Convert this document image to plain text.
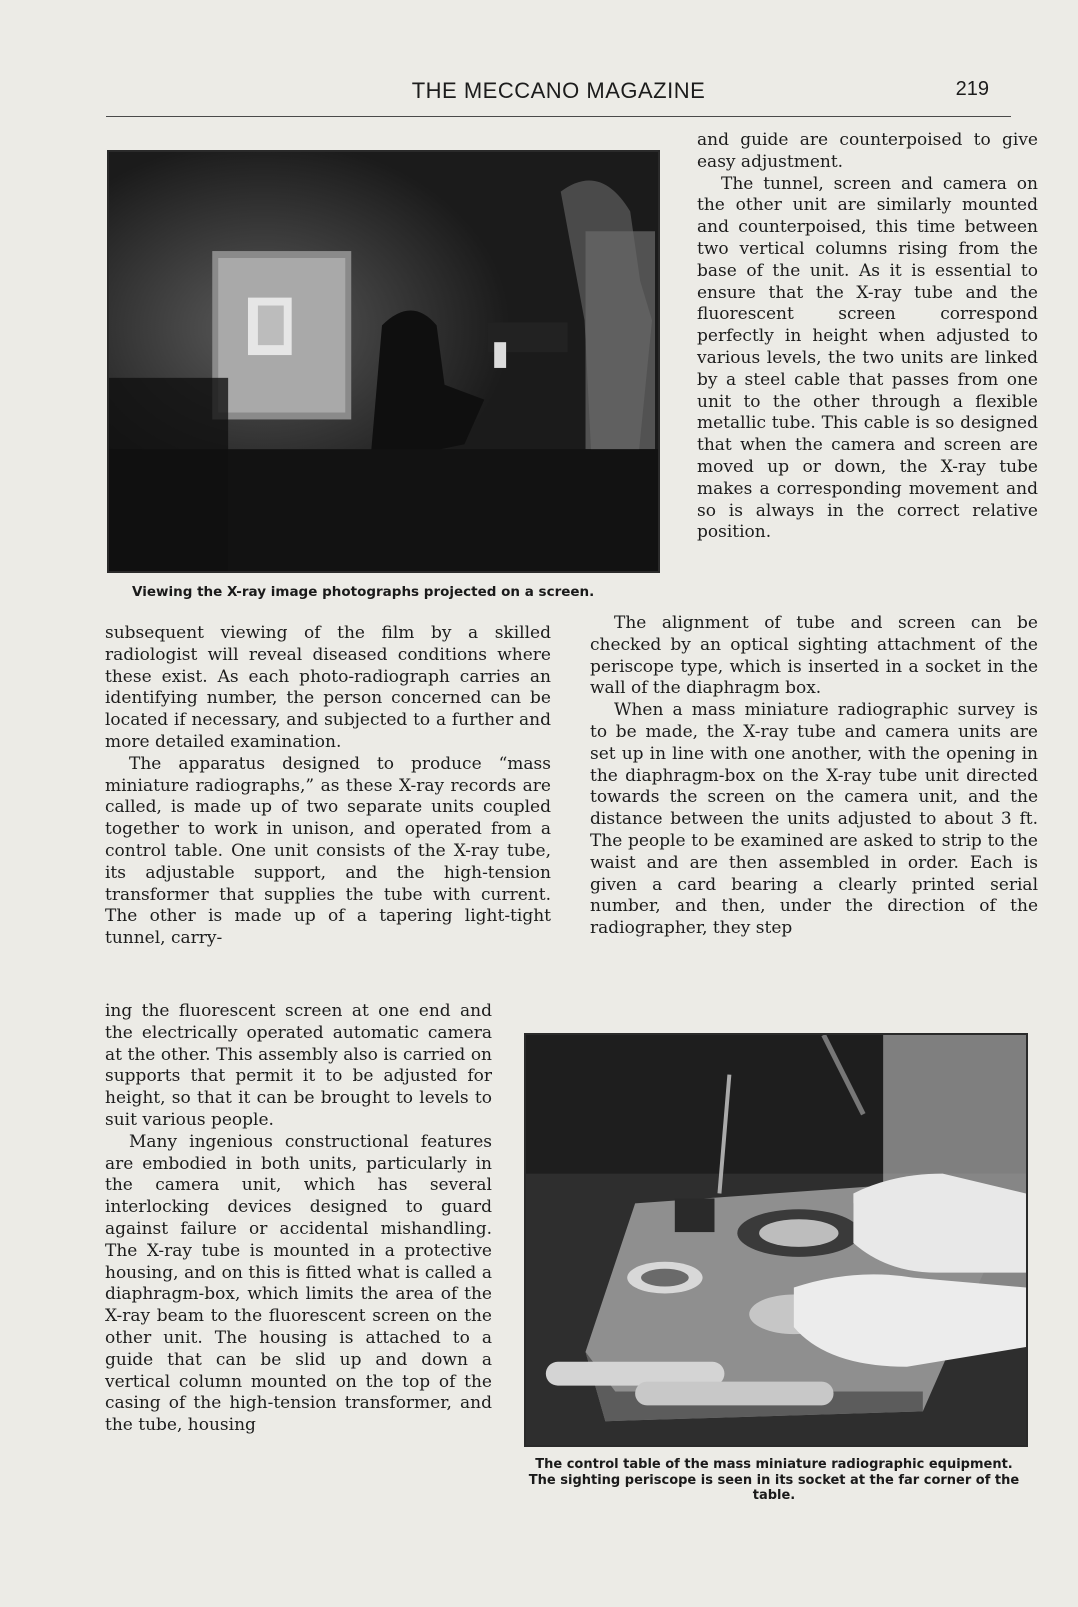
THE MECCANO MAGAZINE	219
Viewing the X-ray image photographs projected on a screen.

and guide are counterpoised to give easy adjustment.

The tunnel, screen and camera on the other unit are similarly mounted and counterpoised, this time between two vertical columns rising from the base of the unit. As it is essential to ensure that the X-ray tube and the fluorescent screen correspond perfectly in height when adjusted to various levels, the two units are linked by a steel cable that passes from one unit to the other through a flexible metallic tube. This cable is so designed that when the camera and screen are moved up or down, the X-ray tube makes a corresponding movement and so is always in the correct relative position.

The alignment of tube and screen can be checked by an optical sighting attachment of the periscope type, which is inserted in a socket in the wall of the diaphragm box.

When a mass miniature radiographic survey is to be made, the X-ray tube and camera units are set up in line with one another, with the opening in the diaphragm-box on the X-ray tube unit directed towards the screen on the camera unit, and the distance between the units adjusted to about 3 ft. The people to be examined are asked to strip to the waist and are then assembled in order. Each is given a card bearing a clearly printed serial number, and then, under the direction of the radiographer, they step

subsequent viewing of the film by a skilled radiologist will reveal diseased conditions where these exist. As each photo-radiograph carries an identifying number, the person concerned can be located if necessary, and subjected to a further and more detailed examination.

The apparatus designed to produce “mass miniature radiographs,” as these X-ray records are called, is made up of two separate units coupled together to work in unison, and operated from a control table. One unit consists of the X-ray tube, its adjustable support, and the high-tension transformer that supplies the tube with current. The other is made up of a tapering light-tight tunnel, carry-

ing the fluorescent screen at one end and the electrically operated automatic camera at the other. This assembly also is carried on supports that permit it to be adjusted for height, so that it can be brought to levels to suit various people.

Many ingenious constructional features are embodied in both units, particularly in the camera unit, which has several interlocking devices designed to guard against failure or accidental mishandling. The X-ray tube is mounted in a protective housing, and on this is fitted what is called a diaphragm-box, which limits the area of the X-ray beam to the fluorescent screen on the other unit. The housing is attached to a guide that can be slid up and down a vertical column mounted on the top of the casing of the high-tension transformer, and the tube, housing

The control table of the mass miniature radiographic equipment. The sighting periscope is seen in its socket at the far corner of the table.
